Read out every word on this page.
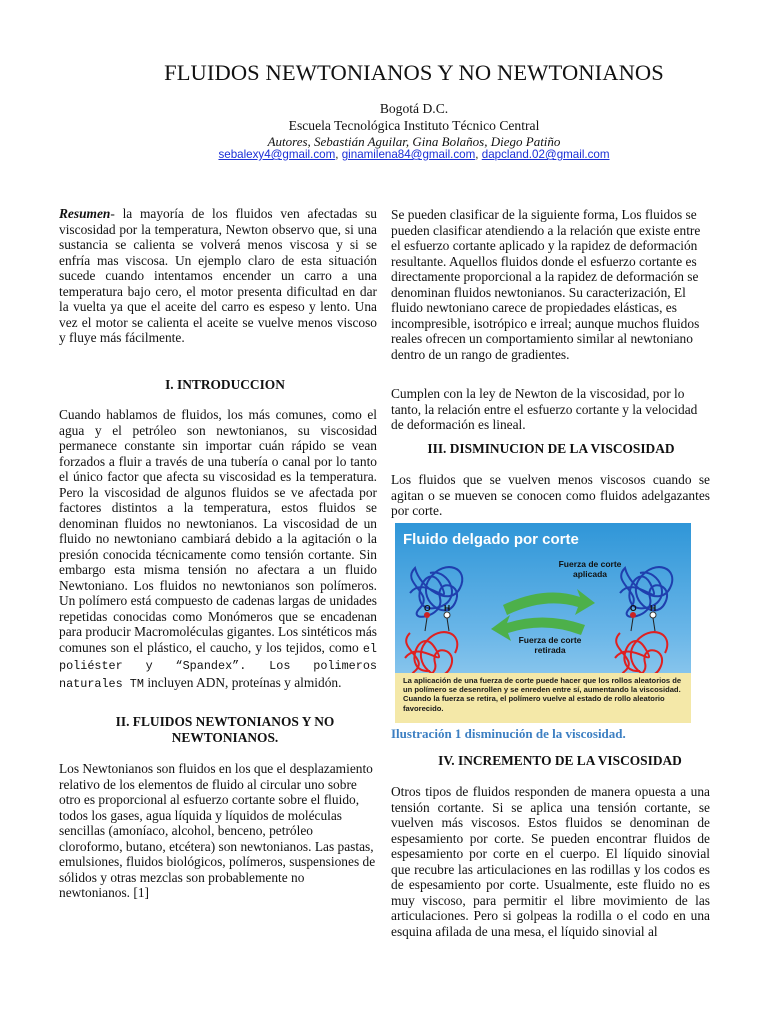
FLUIDOS NEWTONIANOS Y NO NEWTONIANOS
Bogotá D.C.
Escuela Tecnológica Instituto Técnico Central
Autores, Sebastián Aguilar, Gina Bolaños, Diego Patiño
sebalexy4@gmail.com, ginamilena84@gmail.com, dapcland.02@gmail.com
Resumen- la mayoría de los fluidos ven afectadas su viscosidad por la temperatura, Newton observo que, si una sustancia se calienta se volverá menos viscosa y si se enfría mas viscosa. Un ejemplo claro de esta situación sucede cuando intentamos encender un carro a una temperatura bajo cero, el motor presenta dificultad en dar la vuelta ya que el aceite del carro es espeso y lento. Una vez el motor se calienta el aceite se vuelve menos viscoso y fluye más fácilmente.
I. INTRODUCCION
Cuando hablamos de fluidos, los más comunes, como el agua y el petróleo son newtonianos, su viscosidad permanece constante sin importar cuán rápido se vean forzados a fluir a través de una tubería o canal por lo tanto el único factor que afecta su viscosidad es la temperatura. Pero la viscosidad de algunos fluidos se ve afectada por factores distintos a la temperatura, estos fluidos se denominan fluidos no newtonianos. La viscosidad de un fluido no newtoniano cambiará debido a la agitación o la presión conocida técnicamente como tensión cortante. Sin embargo esta misma tensión no afectara a un fluido Newtoniano. Los fluidos no newtonianos son polímeros. Un polímero está compuesto de cadenas largas de unidades repetidas conocidas como Monómeros que se encadenan para producir Macromoléculas gigantes. Los sintéticos más comunes son el plástico, el caucho, y los tejidos, como el poliéster y “Spandex”. Los polimeros naturales TM incluyen ADN, proteínas y almidón.
II. FLUIDOS NEWTONIANOS Y NO NEWTONIANOS.
Los Newtonianos son fluidos en los que el desplazamiento relativo de los elementos de fluido al circular uno sobre otro es proporcional al esfuerzo cortante sobre el fluido, todos los gases, agua líquida y líquidos de moléculas sencillas (amoníaco, alcohol, benceno, petróleo cloroformo, butano, etcétera) son newtonianos. Las pastas, emulsiones, fluidos biológicos, polímeros, suspensiones de sólidos y otras mezclas son probablemente no newtonianos. [1]
Se pueden clasificar de la siguiente forma, Los fluidos se pueden clasificar atendiendo a la relación que existe entre el esfuerzo cortante aplicado y la rapidez de deformación resultante. Aquellos fluidos donde el esfuerzo cortante es directamente proporcional a la rapidez de deformación se denominan fluidos newtonianos. Su caracterización, El fluido newtoniano carece de propiedades elásticas, es incompresible, isotrópico e irreal; aunque muchos fluidos reales ofrecen un comportamiento similar al newtoniano dentro de un rango de gradientes.
Cumplen con la ley de Newton de la viscosidad, por lo tanto, la relación entre el esfuerzo cortante y la velocidad de deformación es lineal.
III. DISMINUCION DE LA VISCOSIDAD
Los fluidos que se vuelven menos viscosos cuando se agitan o se mueven se conocen como fluidos adelgazantes por corte.
Fluido delgado por corte
Fuerza de corte aplicada
Fuerza de corte retirada
O H	O H
La aplicación de una fuerza de corte puede hacer que los rollos aleatorios de un polímero se desenrollen y se enreden entre sí, aumentando la viscosidad. Cuando la fuerza se retira, el polímero vuelve al estado de rollo aleatorio favorecido.
Ilustración 1 disminución de la viscosidad.
IV. INCREMENTO DE LA VISCOSIDAD
Otros tipos de fluidos responden de manera opuesta a una tensión cortante. Si se aplica una tensión cortante, se vuelven más viscosos. Estos fluidos se denominan de espesamiento por corte. Se pueden encontrar fluidos de espesamiento por corte en el cuerpo. El líquido sinovial que recubre las articulaciones en las rodillas y los codos es de espesamiento por corte. Usualmente, este fluido no es muy viscoso, para permitir el libre movimiento de las articulaciones. Pero si golpeas la rodilla o el codo en una esquina afilada de una mesa, el líquido sinovial al
